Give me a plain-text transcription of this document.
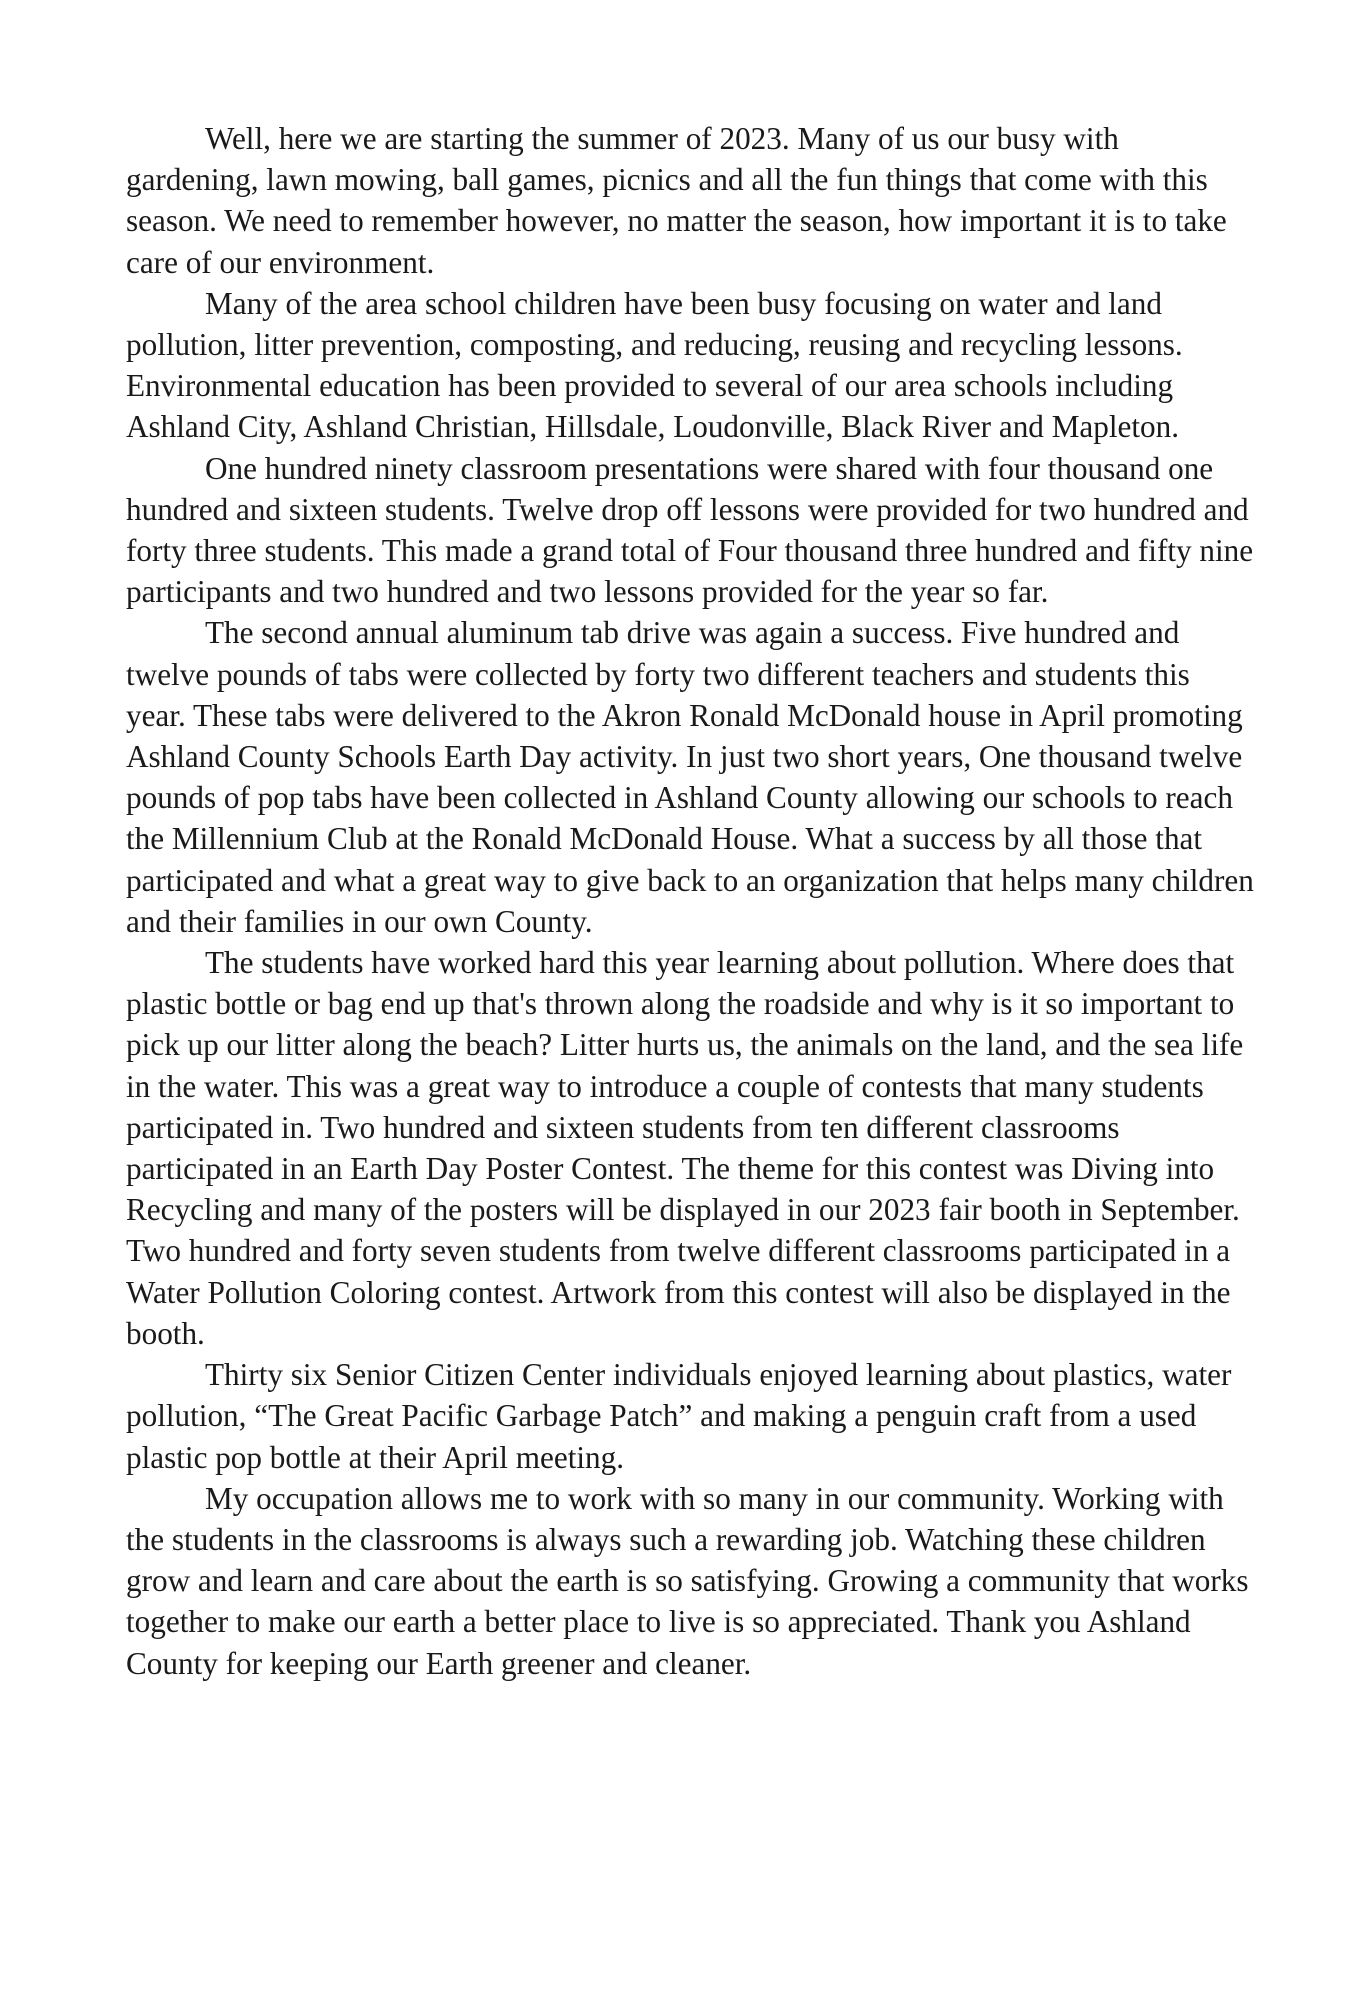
Well, here we are starting the summer of 2023. Many of us our busy with gardening, lawn mowing, ball games, picnics and all the fun things that come with this season. We need to remember however, no matter the season, how important it is to take care of our environment.

Many of the area school children have been busy focusing on water and land pollution, litter prevention, composting, and reducing, reusing and recycling lessons. Environmental education has been provided to several of our area schools including Ashland City, Ashland Christian, Hillsdale, Loudonville, Black River and Mapleton.

One hundred ninety classroom presentations were shared with four thousand one hundred and sixteen students. Twelve drop off lessons were provided for two hundred and forty three students. This made a grand total of Four thousand three hundred and fifty nine participants and two hundred and two lessons provided for the year so far.

The second annual aluminum tab drive was again a success. Five hundred and twelve pounds of tabs were collected by forty two different teachers and students this year. These tabs were delivered to the Akron Ronald McDonald house in April promoting Ashland County Schools Earth Day activity. In just two short years, One thousand twelve pounds of pop tabs have been collected in Ashland County allowing our schools to reach the Millennium Club at the Ronald McDonald House. What a success by all those that participated and what a great way to give back to an organization that helps many children and their families in our own County.

The students have worked hard this year learning about pollution. Where does that plastic bottle or bag end up that's thrown along the roadside and why is it so important to pick up our litter along the beach? Litter hurts us, the animals on the land, and the sea life in the water. This was a great way to introduce a couple of contests that many students participated in. Two hundred and sixteen students from ten different classrooms participated in an Earth Day Poster Contest. The theme for this contest was Diving into Recycling and many of the posters will be displayed in our 2023 fair booth in September. Two hundred and forty seven students from twelve different classrooms participated in a Water Pollution Coloring contest. Artwork from this contest will also be displayed in the booth.

Thirty six Senior Citizen Center individuals enjoyed learning about plastics, water pollution, “The Great Pacific Garbage Patch” and making a penguin craft from a used plastic pop bottle at their April meeting.

My occupation allows me to work with so many in our community. Working with the students in the classrooms is always such a rewarding job. Watching these children grow and learn and care about the earth is so satisfying. Growing a community that works together to make our earth a better place to live is so appreciated. Thank you Ashland County for keeping our Earth greener and cleaner.
